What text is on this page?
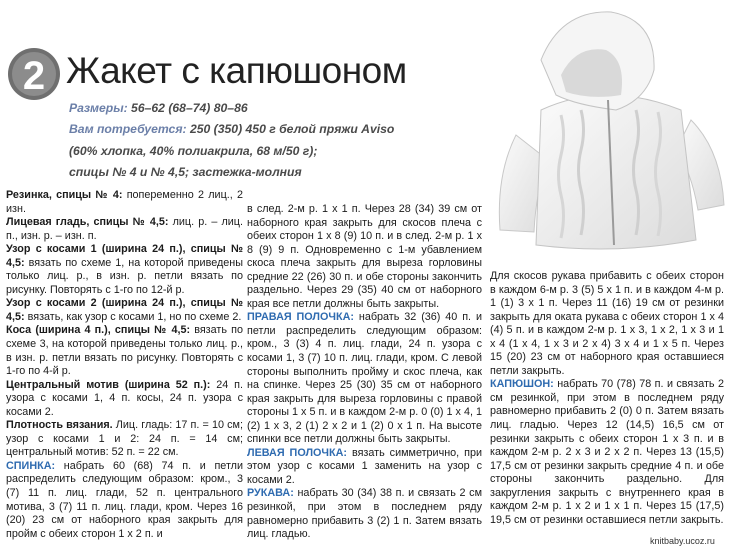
2 Жакет с капюшоном
Размеры: 56–62 (68–74) 80–86
Вам потребуется: 250 (350) 450 г белой пряжи Aviso
(60% хлопка, 40% полиакрила, 68 м/50 г);
спицы № 4 и № 4,5; застежка-молния

Резинка, спицы № 4: попеременно 2 лиц., 2 изн.

Лицевая гладь, спицы № 4,5: лиц. р. – лиц. п., изн. р. – изн. п.

Узор с косами 1 (ширина 24 п.), спицы № 4,5: вязать по схеме 1, на которой приведены только лиц. р., в изн. р. петли вязать по рисунку. Повторять с 1-го по 12-й р.

Узор с косами 2 (ширина 24 п.), спицы № 4,5: вязать, как узор с косами 1, но по схеме 2.

Коса (ширина 4 п.), спицы № 4,5: вязать по схеме 3, на которой приведены только лиц. р., в изн. р. петли вязать по рисунку. Повторять с 1-го по 4-й р.

Центральный мотив (ширина 52 п.): 24 п. узора с косами 1, 4 п. косы, 24 п. узора с косами 2.

Плотность вязания. Лиц. гладь: 17 п. = 10 см; узор с косами 1 и 2: 24 п. = 14 см; центральный мотив: 52 п. = 22 см.

СПИНКА: набрать 60 (68) 74 п. и петли распределить следующим образом: кром., 3 (7) 11 п. лиц. глади, 52 п. центрального мотива, 3 (7) 11 п. лиц. глади, кром. Через 16 (20) 23 см от наборного края закрыть для пройм с обеих сторон 1 х 2 п. и

в след. 2-м р. 1 х 1 п. Через 28 (34) 39 см от наборного края закрыть для скосов плеча с обеих сторон 1 х 8 (9) 10 п. и в след. 2-м р. 1 х 8 (9) 9 п. Одновременно с 1-м убавлением скоса плеча закрыть для выреза горловины средние 22 (26) 30 п. и обе стороны закончить раздельно. Через 29 (35) 40 см от наборного края все петли должны быть закрыты.

ПРАВАЯ ПОЛОЧКА: набрать 32 (36) 40 п. и петли распределить следующим образом: кром., 3 (3) 4 п. лиц. глади, 24 п. узора с косами 1, 3 (7) 10 п. лиц. глади, кром. С левой стороны выполнить пройму и скос плеча, как на спинке. Через 25 (30) 35 см от наборного края закрыть для выреза горловины с правой стороны 1 х 5 п. и в каждом 2-м р. 0 (0) 1 х 4, 1 (2) 1 х 3, 2 (1) 2 х 2 и 1 (2) 0 х 1 п. На высоте спинки все петли должны быть закрыты.

ЛЕВАЯ ПОЛОЧКА: вязать симметрично, при этом узор с косами 1 заменить на узор с косами 2.

РУКАВА: набрать 30 (34) 38 п. и связать 2 см резинкой, при этом в последнем ряду равномерно прибавить 3 (2) 1 п. Затем вязать лиц. гладью.

Для скосов рукава прибавить с обеих сторон в каждом 6-м р. 3 (5) 5 х 1 п. и в каждом 4-м р. 1 (1) 3 х 1 п. Через 11 (16) 19 см от резинки закрыть для оката рукава с обеих сторон 1 х 4 (4) 5 п. и в каждом 2-м р. 1 х 3, 1 х 2, 1 х 3 и 1 х 4 (1 х 4, 1 х 3 и 2 х 4) 3 х 4 и 1 х 5 п. Через 15 (20) 23 см от наборного края оставшиеся петли закрыть.

КАПЮШОН: набрать 70 (78) 78 п. и связать 2 см резинкой, при этом в последнем ряду равномерно прибавить 2 (0) 0 п. Затем вязать лиц. гладью. Через 12 (14,5) 16,5 см от резинки закрыть с обеих сторон 1 х 3 п. и в каждом 2-м р. 2 х 3 и 2 х 2 п. Через 13 (15,5) 17,5 см от резинки закрыть средние 4 п. и обе стороны закончить раздельно. Для закругления закрыть с внутреннего края в каждом 2-м р. 1 х 2 и 1 х 1 п. Через 15 (17,5) 19,5 см от резинки оставшиеся петли закрыть.

knitbaby.ucoz.ru
